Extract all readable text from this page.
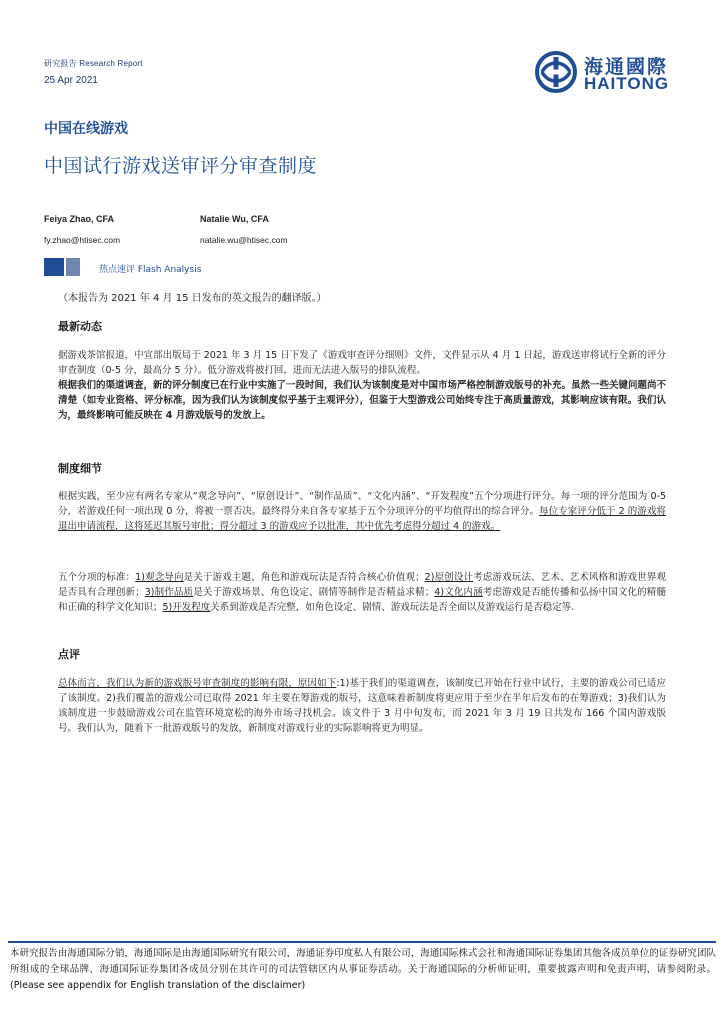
研究报告 Research Report
25 Apr 2021
海通國際
HAITONG
中国在线游戏
中国试行游戏送审评分审查制度
Feiya Zhao, CFA
fy.zhao@htisec.com
Natalie Wu, CFA
natalie.wu@htisec.com
热点速评 Flash Analysis
（本报告为 2021 年 4 月 15 日发布的英文报告的翻译版。）
最新动态

据游戏茶馆报道，中宣部出版局于 2021 年 3 月 15 日下发了《游戏审查评分细则》文件，文件显示从 4 月 1 日起，游戏送审将试行全新的评分审查制度（0-5 分，最高分 5 分）。低分游戏将被打回，进而无法进入版号的排队流程。

根据我们的渠道调查，新的评分制度已在行业中实施了一段时间，我们认为该制度是对中国市场严格控制游戏版号的补充。虽然一些关键问题尚不清楚（如专业资格、评分标准，因为我们认为该制度似乎基于主观评分），但鉴于大型游戏公司始终专注于高质量游戏，其影响应该有限。我们认为，最终影响可能反映在 4 月游戏版号的发放上。

制度细节

根据实践，至少应有两名专家从“观念导向”、“原创设计”、“制作品质”、“文化内涵”、“开发程度”五个分项进行评分。每一项的评分范围为 0-5 分，若游戏任何一项出现 0 分，将被一票否决。最终得分来自各专家基于五个分项评分的平均值得出的综合评分。每位专家评分低于 2 的游戏将退出申请流程，这将延迟其版号审批；得分超过 3 的游戏应予以批准，其中优先考虑得分超过 4 的游戏。

五个分项的标准：1)观念导向是关于游戏主题、角色和游戏玩法是否符合核心价值观；2)原创设计考虑游戏玩法、艺术、艺术风格和游戏世界观是否具有合理创新；3)制作品质是关于游戏场景、角色设定、剧情等制作是否精益求精；4)文化内涵考虑游戏是否能传播和弘扬中国文化的精髓和正确的科学文化知识；5)开发程度关系到游戏是否完整，如角色设定、剧情、游戏玩法是否全面以及游戏运行是否稳定等.

点评

总体而言，我们认为新的游戏版号审查制度的影响有限，原因如下:1)基于我们的渠道调查，该制度已开始在行业中试行，主要的游戏公司已适应了该制度。2)我们覆盖的游戏公司已取得 2021 年主要在筹游戏的版号，这意味着新制度将更应用于至少在半年后发布的在筹游戏；3)我们认为该制度进一步鼓励游戏公司在监管环境宽松的海外市场寻找机会。该文件于 3 月中旬发布，而 2021 年 3 月 19 日共发布 166 个国内游戏版号。我们认为，随着下一批游戏版号的发放，新制度对游戏行业的实际影响将更为明显。

本研究报告由海通国际分销，海通国际是由海通国际研究有限公司，海通证券印度私人有限公司，海通国际株式会社和海通国际证券集团其他各成员单位的证券研究团队所组成的全球品牌，海通国际证券集团各成员分别在其许可的司法管辖区内从事证券活动。关于海通国际的分析师证明，重要披露声明和免责声明，请参阅附录。(Please see appendix for English translation of the disclaimer)
